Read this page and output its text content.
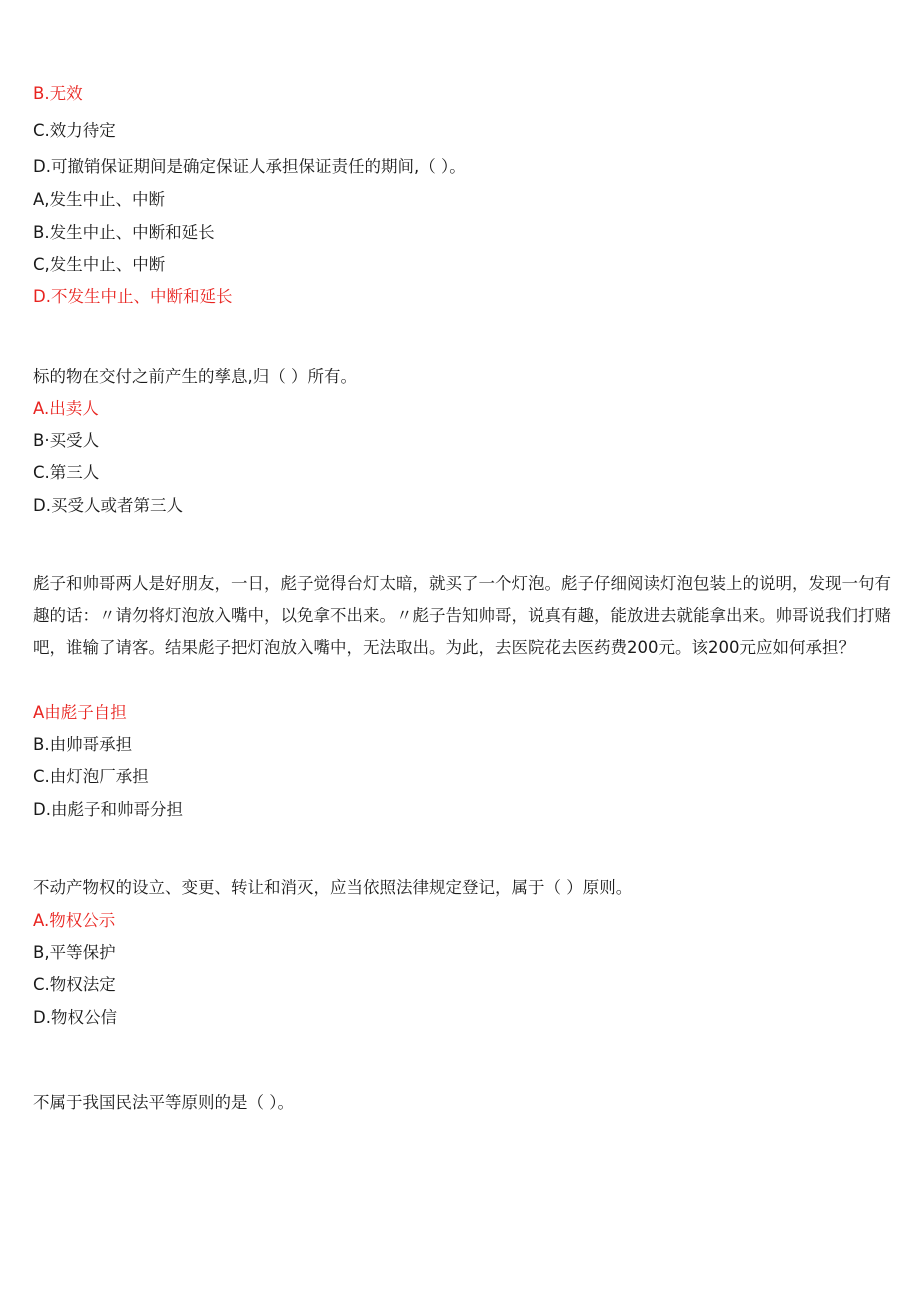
B.无效
C.效力待定
D.可撤销保证期间是确定保证人承担保证责任的期间,（ ）。
A,发生中止、中断
B.发生中止、中断和延长
C,发生中止、中断
D.不发生中止、中断和延长
标的物在交付之前产生的孳息,归（ ）所有。
A.出卖人
B·买受人
C.第三人
D.买受人或者第三人
彪子和帅哥两人是好朋友，一日，彪子觉得台灯太暗，就买了一个灯泡。彪子仔细阅读灯泡包装上的说明，发现一句有趣的话：〃请勿将灯泡放入嘴中，以免拿不出来。〃彪子告知帅哥，说真有趣，能放进去就能拿出来。帅哥说我们打赌吧，谁输了请客。结果彪子把灯泡放入嘴中，无法取出。为此，去医院花去医药费200元。该200元应如何承担？
A由彪子自担
B.由帅哥承担
C.由灯泡厂承担
D.由彪子和帅哥分担
不动产物权的设立、变更、转让和消灭，应当依照法律规定登记，属于（ ）原则。
A.物权公示
B,平等保护
C.物权法定
D.物权公信
不属于我国民法平等原则的是（ ）。
